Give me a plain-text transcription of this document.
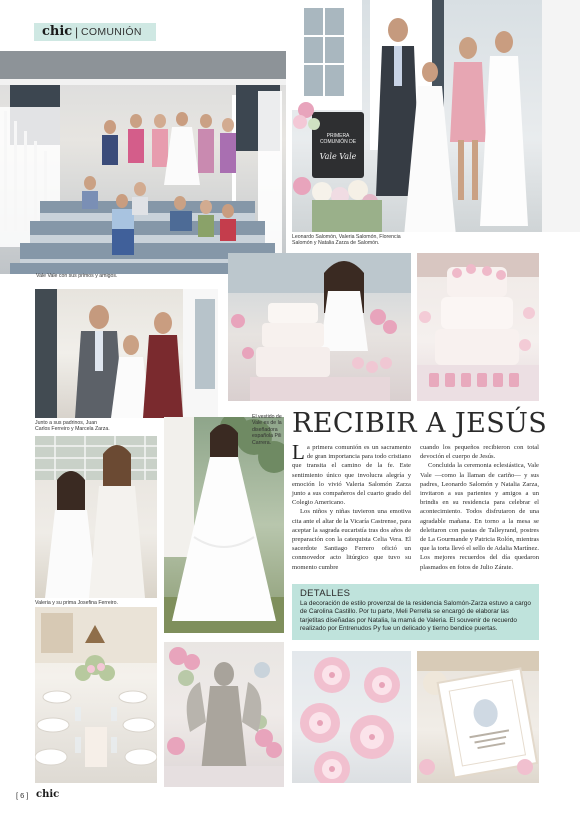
chic | COMUNIÓN
Vale Vale con sus primos y amigos.
PRIMERA
COMUNIÓN DE
Vale Vale
Leonardo Salomón, Valeria Salomón, Florencia Salomón y Natalia Zarza de Salomón.
Junto a sus padrinos, Juan Carlos Ferreiro y Marcela Zarza.
Valeria y su prima Josefina Ferreiro.
El vestido de Vale es de la diseñadora española Pili Carrera.
RECIBIR A JESÚS

La primera comunión es un sacramento de gran importancia para todo cristiano que transita el camino de la fe. Este sentimiento único que involucra alegría y emoción lo vivió Valeria Salomón Zarza junto a sus compañeros del cuarto grado del Colegio Americano.

Los niños y niñas tuvieron una emotiva cita ante el altar de la Vicaría Castrense, para aceptar la sagrada eucaristía tras dos años de preparación con la catequista Celia Vera. El sacerdote Santiago Ferrero ofició un conmovedor acto litúrgico que tuvo su momento cumbre

cuando los pequeños recibieron con total devoción el cuerpo de Jesús.

Concluida la ceremonia eclesiástica, Vale Vale —como la llaman de cariño— y sus padres, Leonardo Salomón y Natalia Zarza, invitaron a sus parientes y amigos a un brindis en su residencia para celebrar el acontecimiento. Todos disfrutaron de una agradable mañana. En torno a la mesa se deleitaron con pastas de Talleyrand, postres de La Gourmande y Patricia Rolón, mientras que la torta llevó el sello de Adalia Martínez. Los mejores recuerdos del día quedaron plasmados en fotos de Julio Zárate.

DETALLES
La decoración de estilo provenzal de la residencia Salomón-Zarza estuvo a cargo de Carolina Castillo. Por tu parte, Meli Perrella se encargó de elaborar las tarjetitas diseñadas por Natalia, la mamá de Valeria. El souvenir de recuerdo realizado por Entrenudos Py fue un delicado y tierno bendice puertas.
[ 6 ] chic
